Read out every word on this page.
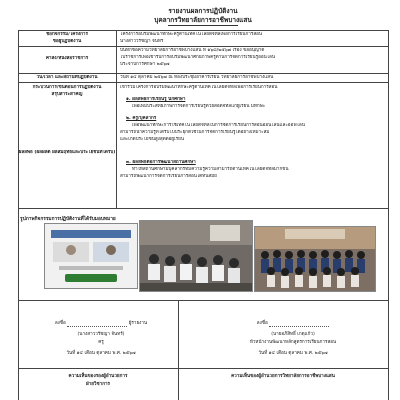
รายงานผลการปฏิบัติงาน
บุคลากรวิทยาลัยการอาชีพบางแสน
ชื่อกิจกรรม/โครงการ
ชื่อผู้ปฏิบัติงาน
โครงการอบรมพัฒนาทักษะครูด้านเทคโนโลยีดิจิทัลเพื่อการเรียนการสอน
นางสาววรัชญา จันทร์
คำสั่ง/หนังสือราชการ
บันทึกข้อความวิทยาลัยการอาชีพบางแสน ที่ ๑๖๘/๒๕๖๗ เรื่อง ขออนุญาต
ไปราชการเพื่อเข้ารับการอบรมพัฒนาศักยภาพครูด้านการจัดการเรียนรู้ออนไลน์
ประจำปีการศึกษา ๒๕๖๗
วัน/เวลา และสถานที่ปฏิบัติงาน	วันที่ ๑๔ ตุลาคม ๒๕๖๗ ณ ห้องประชุมอาคารเรียน วิทยาลัยการอาชีพบางแสน
กระบวนการ/ขั้นตอนการปฏิบัติงาน
สรุปสาระสำคัญ
ผลลัพธ์ (ผลผลิต ผลสัมฤทธิ์และประโยชน์ที่ได้รับ)
เข้าร่วมโครงการอบรมพัฒนาทักษะครูด้านเทคโนโลยีดิจิทัลเพื่อการเรียนการสอน
๑. ผลลัพธ์การเรียนรู้ นักศึกษา
เพื่อเพิ่มประสิทธิภาพการจัดการเรียนรู้ด้วยสื่อดิจิทัลแก่ผู้เรียน มีทักษะ
๒. ครู/บุคลากร
เพื่อพัฒนาทักษะการใช้เทคโนโลยีดิจิทัลในการจัดการเรียนการสอนออนไลน์และออฟไลน์
สามารถนำความรู้ที่ได้รับไปประยุกต์ใช้ในการจัดการเรียนรู้ได้อย่างเหมาะสม
และเกิดประโยชน์สูงสุดต่อผู้เรียน
๓. ผลลัพธ์ต่อการพัฒนาสถานศึกษา
ทำให้สถานศึกษามีบุคลากรที่มีความรู้ความสามารถด้านเทคโนโลยีดิจิทัลมากขึ้น
สามารถพัฒนาการจัดการเรียนการสอนได้ทันสมัย
รูปภาพกิจกรรมการปฏิบัติงานที่ได้รับมอบหมาย
ลงชื่อ	ผู้รายงาน
(นางสาววรัชญา จันทร์)
ครู
วันที่ ๑๔ เดือน ตุลาคม พ.ศ. ๒๕๖๗
ลงชื่อ
(นายอภิสิทธิ์ เกตุแก้ว)
หัวหน้างานพัฒนาหลักสูตรการเรียนการสอน
วันที่ ๑๔ เดือน ตุลาคม พ.ศ. ๒๕๖๗
ความเห็นของรองผู้อำนวยการ
ฝ่ายวิชาการ
ความเห็นของผู้อำนวยการวิทยาลัยการอาชีพบางแสน
